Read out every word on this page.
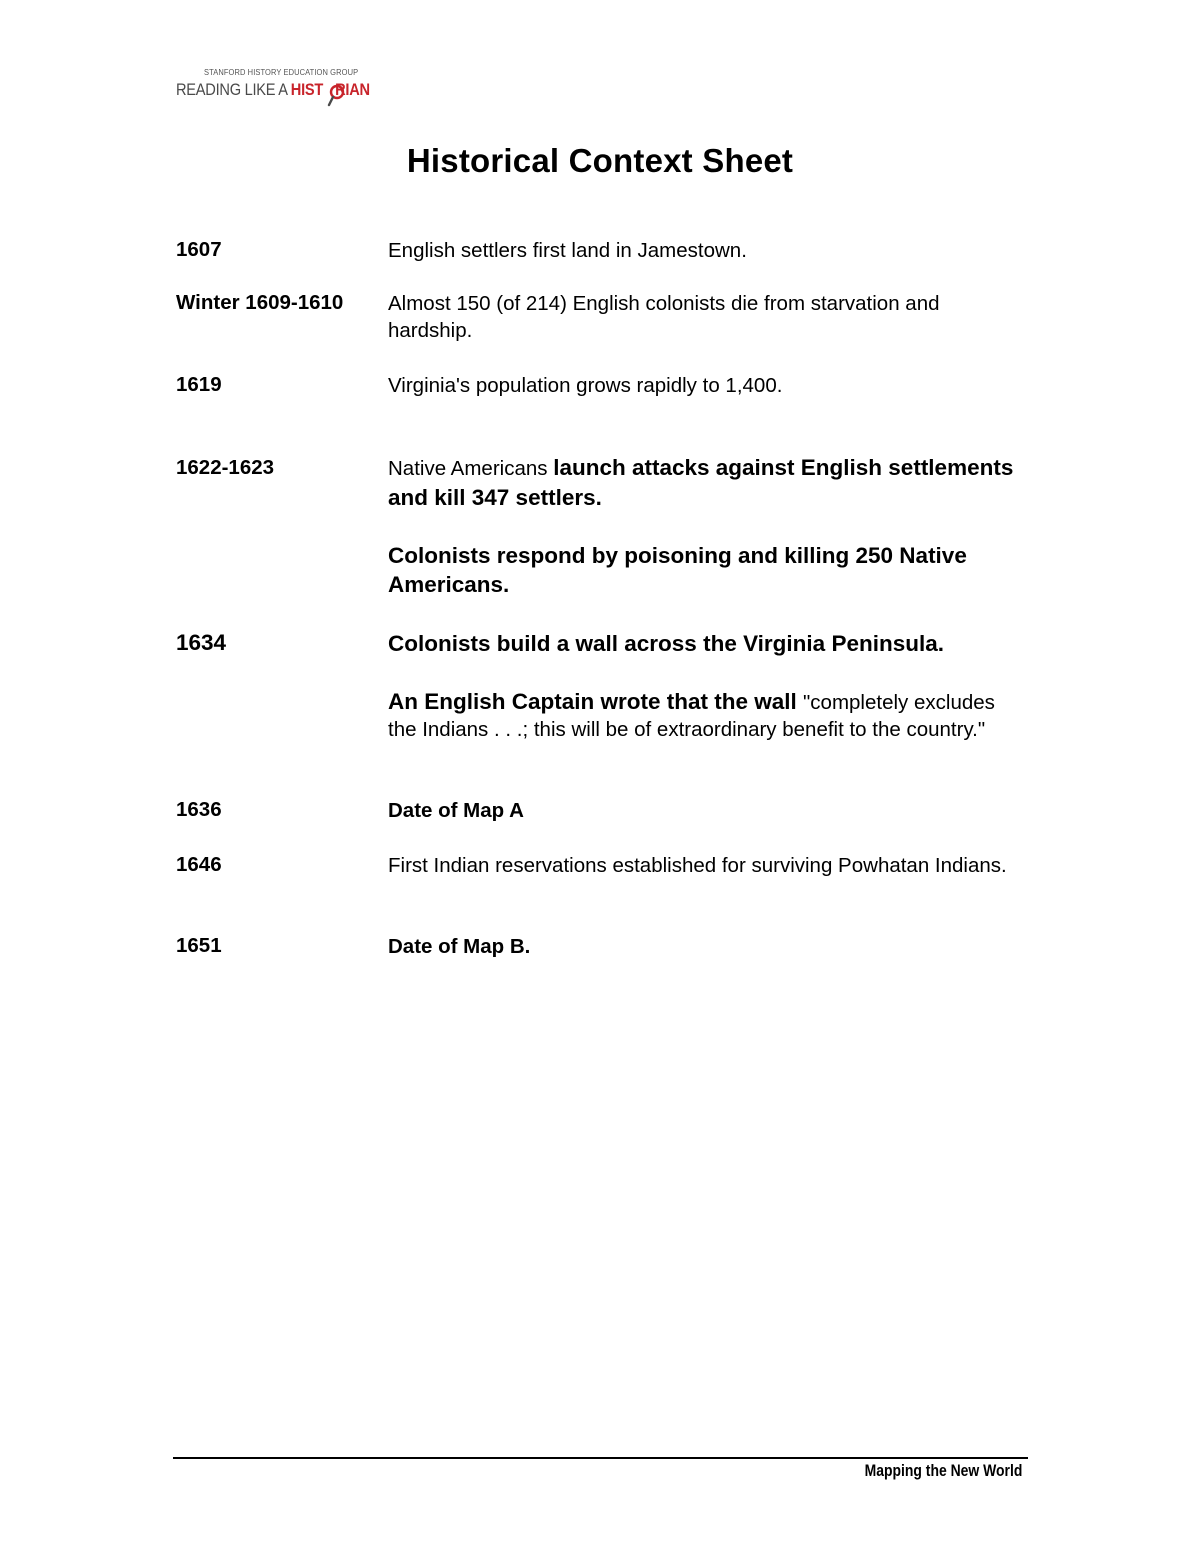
STANFORD HISTORY EDUCATION GROUP
READING LIKE A HIST RIAN
Historical Context Sheet
1607	English settlers first land in Jamestown.
Winter 1609-1610 Almost 150 (of 214) English colonists die from starvation and hardship.
1619	Virginia's population grows rapidly to 1,400.
1622-1623	Native Americans launch attacks against English settlements and kill 347 settlers.
Colonists respond by poisoning and killing 250 Native Americans.
1634	Colonists build a wall across the Virginia Peninsula.
An English Captain wrote that the wall "completely excludes the Indians . . .; this will be of extraordinary benefit to the country."
1636	Date of Map A
1646	First Indian reservations established for surviving Powhatan Indians.
1651	Date of Map B.
Mapping the New World
